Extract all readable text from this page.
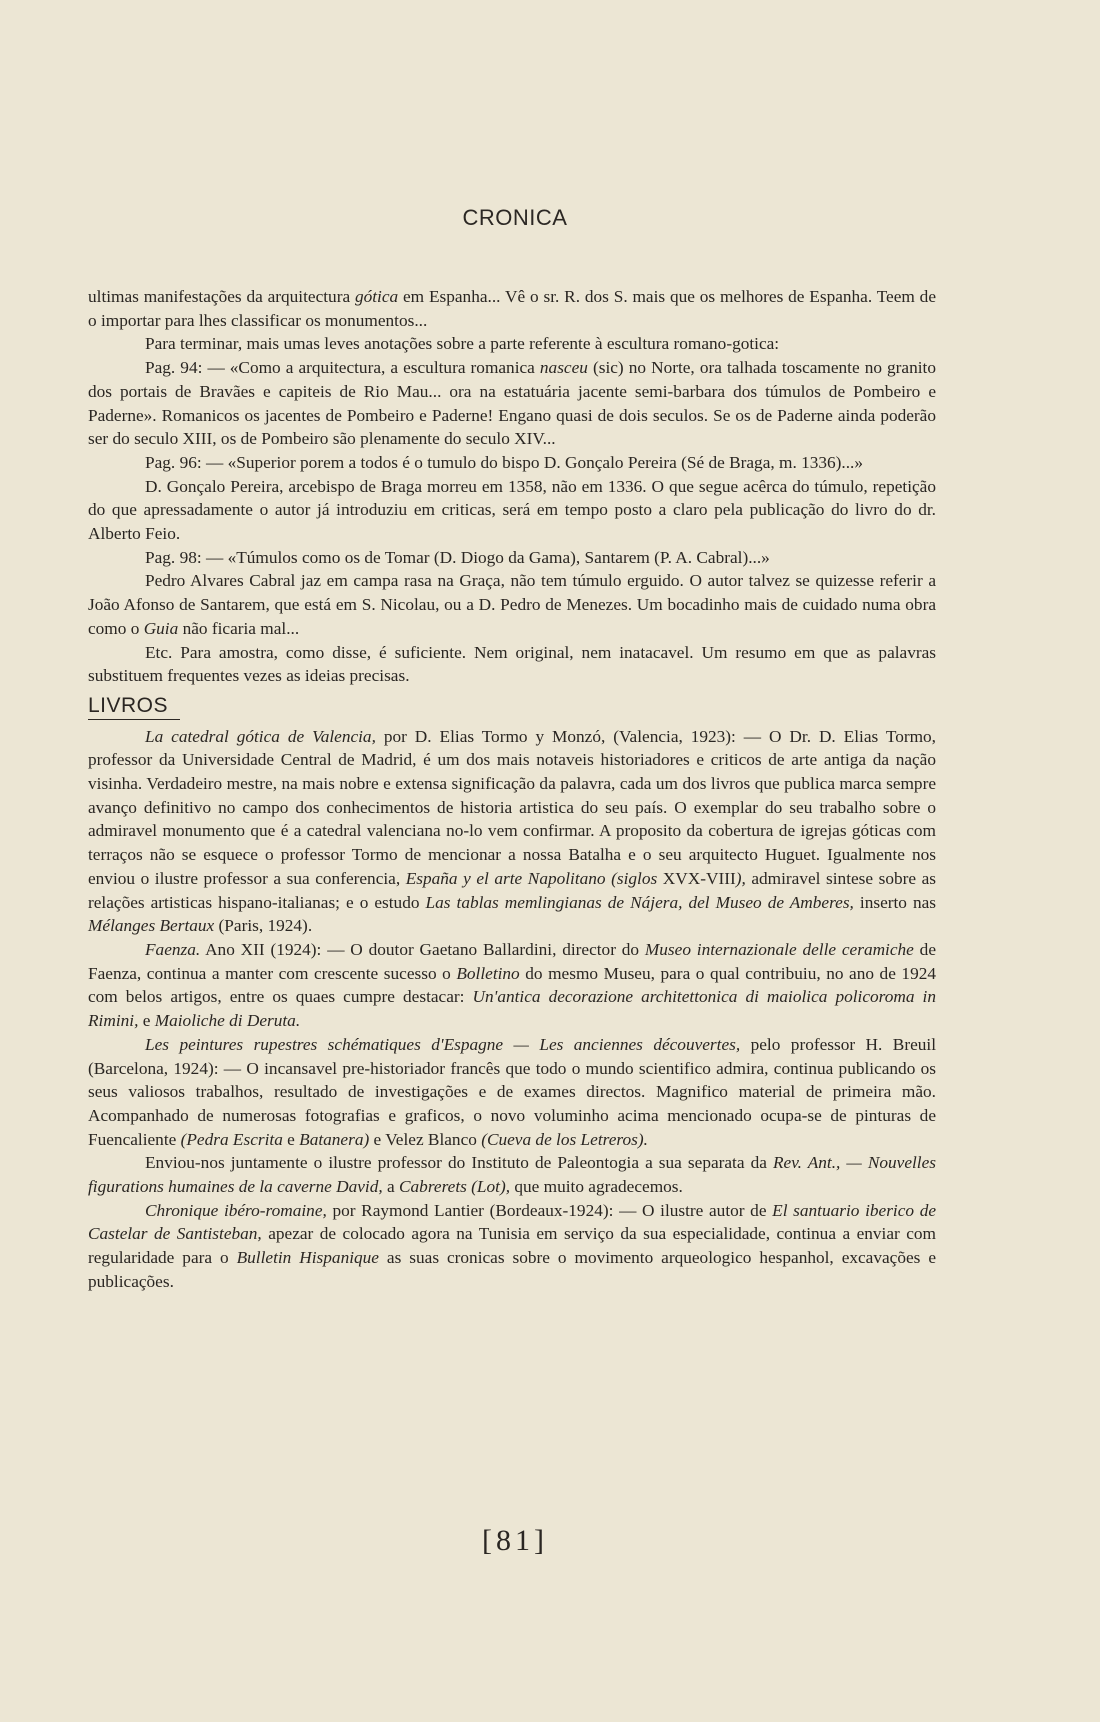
CRONICA

ultimas manifestações da arquitectura gótica em Espanha... Vê o sr. R. dos S. mais que os melhores de Espanha. Teem de o importar para lhes classificar os monumentos...

Para terminar, mais umas leves anotações sobre a parte referente à escultura romano-gotica:

Pag. 94: — «Como a arquitectura, a escultura romanica nasceu (sic) no Norte, ora talhada toscamente no granito dos portais de Bravães e capiteis de Rio Mau... ora na estatuária jacente semi-barbara dos túmulos de Pombeiro e Paderne». Romanicos os jacentes de Pombeiro e Paderne! Engano quasi de dois seculos. Se os de Paderne ainda poderão ser do seculo XIII, os de Pombeiro são plenamente do seculo XIV...

Pag. 96: — «Superior porem a todos é o tumulo do bispo D. Gonçalo Pereira (Sé de Braga, m. 1336)...»

D. Gonçalo Pereira, arcebispo de Braga morreu em 1358, não em 1336. O que segue acêrca do túmulo, repetição do que apressadamente o autor já introduziu em criticas, será em tempo posto a claro pela publicação do livro do dr. Alberto Feio.

Pag. 98: — «Túmulos como os de Tomar (D. Diogo da Gama), Santarem (P. A. Cabral)...»

Pedro Alvares Cabral jaz em campa rasa na Graça, não tem túmulo erguido. O autor talvez se quizesse referir a João Afonso de Santarem, que está em S. Nicolau, ou a D. Pedro de Menezes. Um bocadinho mais de cuidado numa obra como o Guia não ficaria mal...

Etc. Para amostra, como disse, é suficiente. Nem original, nem inatacavel. Um resumo em que as palavras substituem frequentes vezes as ideias precisas.

LIVROS

La catedral gótica de Valencia, por D. Elias Tormo y Monzó, (Valencia, 1923): — O Dr. D. Elias Tormo, professor da Universidade Central de Madrid, é um dos mais notaveis historiadores e criticos de arte antiga da nação visinha. Verdadeiro mestre, na mais nobre e extensa significação da palavra, cada um dos livros que publica marca sempre avanço definitivo no campo dos conhecimentos de historia artistica do seu país. O exemplar do seu trabalho sobre o admiravel monumento que é a catedral valenciana no-lo vem confirmar. A proposito da cobertura de igrejas góticas com terraços não se esquece o professor Tormo de mencionar a nossa Batalha e o seu arquitecto Huguet. Igualmente nos enviou o ilustre professor a sua conferencia, España y el arte Napolitano (siglos XVX-VIII), admiravel sintese sobre as relações artisticas hispano-italianas; e o estudo Las tablas memlingianas de Nájera, del Museo de Amberes, inserto nas Mélanges Bertaux (Paris, 1924).

Faenza. Ano XII (1924): — O doutor Gaetano Ballardini, director do Museo internazionale delle ceramiche de Faenza, continua a manter com crescente sucesso o Bolletino do mesmo Museu, para o qual contribuiu, no ano de 1924 com belos artigos, entre os quaes cumpre destacar: Un'antica decorazione architettonica di maiolica policoroma in Rimini, e Maioliche di Deruta.

Les peintures rupestres schématiques d'Espagne — Les anciennes découvertes, pelo professor H. Breuil (Barcelona, 1924): — O incansavel pre-historiador francês que todo o mundo scientifico admira, continua publicando os seus valiosos trabalhos, resultado de investigações e de exames directos. Magnifico material de primeira mão. Acompanhado de numerosas fotografias e graficos, o novo voluminho acima mencionado ocupa-se de pinturas de Fuencaliente (Pedra Escrita e Batanera) e Velez Blanco (Cueva de los Letreros).

Enviou-nos juntamente o ilustre professor do Instituto de Paleontogia a sua separata da Rev. Ant., — Nouvelles figurations humaines de la caverne David, a Cabrerets (Lot), que muito agradecemos.

Chronique ibéro-romaine, por Raymond Lantier (Bordeaux-1924): — O ilustre autor de El santuario iberico de Castelar de Santisteban, apezar de colocado agora na Tunisia em serviço da sua especialidade, continua a enviar com regularidade para o Bulletin Hispanique as suas cronicas sobre o movimento arqueologico hespanhol, excavações e publicações.

[81]
